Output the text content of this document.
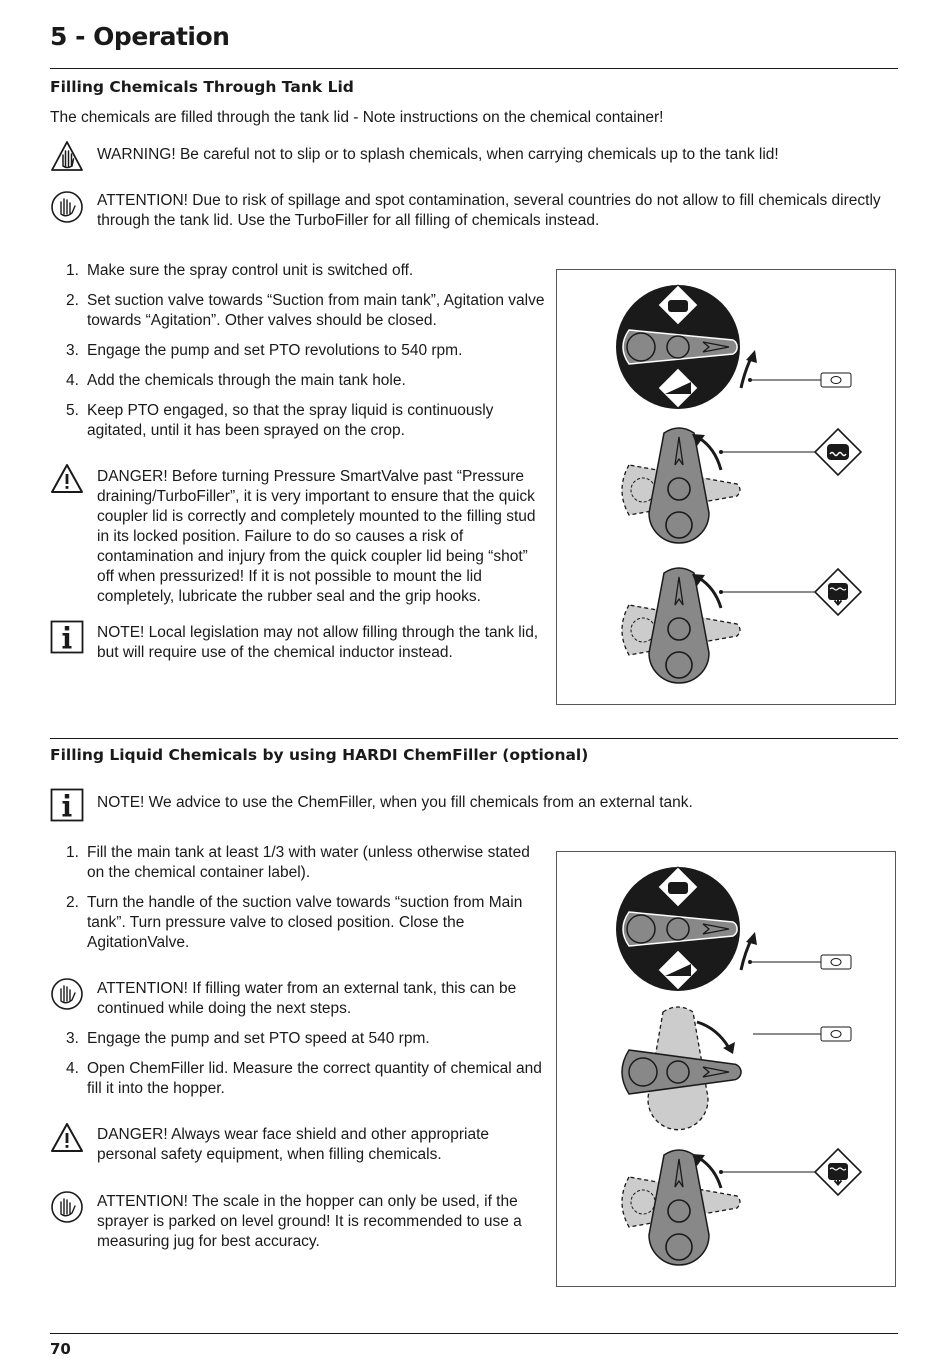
5 - Operation
Filling Chemicals Through Tank Lid
The chemicals are filled through the tank lid - Note instructions on the chemical container!
WARNING! Be careful not to slip or to splash chemicals, when carrying chemicals up to the tank lid!
ATTENTION! Due to risk of spillage and spot contamination, several countries do not allow to fill chemicals directly
through the tank lid. Use the TurboFiller for all filling of chemicals instead.
1. Make sure the spray control unit is switched off.
2. Set suction valve towards “Suction from main tank”, Agitation valve towards “Agitation”. Other valves should be closed.
3. Engage the pump and set PTO revolutions to 540 rpm.
4. Add the chemicals through the main tank hole.
5. Keep PTO engaged, so that the spray liquid is continuously agitated, until it has been sprayed on the crop.
DANGER! Before turning Pressure SmartValve past “Pressure draining/TurboFiller”, it is very important to ensure that the quick coupler lid is correctly and completely mounted to the filling stud in its locked position. Failure to do so causes a risk of contamination and injury from the quick coupler lid being “shot” off when pressurized! If it is not possible to mount the lid completely, lubricate the rubber seal and the grip hooks.
NOTE! Local legislation may not allow filling through the tank lid, but will require use of the chemical inductor instead.
Filling Liquid Chemicals by using HARDI ChemFiller (optional)
NOTE! We advice to use the ChemFiller, when you fill chemicals from an external tank.
1. Fill the main tank at least 1/3 with water (unless otherwise stated on the chemical container label).
2. Turn the handle of the suction valve towards “suction from Main tank”. Turn pressure valve to closed position. Close the AgitationValve.
ATTENTION! If filling water from an external tank, this can be continued while doing the next steps.
3. Engage the pump and set PTO speed at 540 rpm.
4. Open ChemFiller lid. Measure the correct quantity of chemical and fill it into the hopper.
DANGER! Always wear face shield and other appropriate personal safety equipment, when filling chemicals.
ATTENTION! The scale in the hopper can only be used, if the sprayer is parked on level ground! It is recommended to use a measuring jug for best accuracy.
70
